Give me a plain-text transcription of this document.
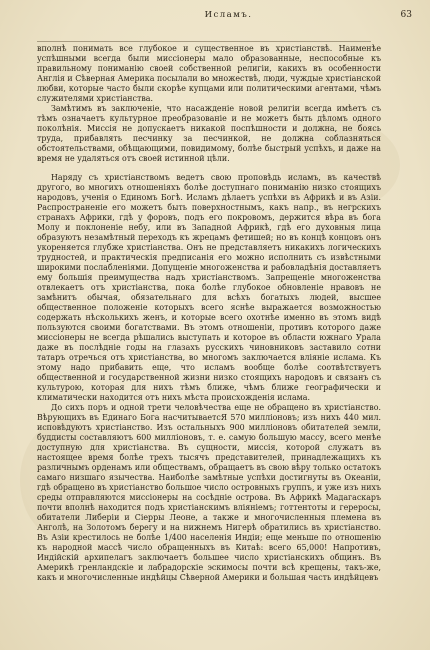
Исламъ.	63

вполнѣ понимать все глубокое и существенное въ христіанствѣ. Наименѣе успѣшными всегда были миссіонеры мало образованные, неспособные къ правильному пониманію своей собственной религіи, какихъ въ особенности Англія и Сѣверная Америка посылали во множествѣ, люди, чуждые христіанской любви, которые часто были скорѣе купцами или политическими агентами, чѣмъ служителями христіанства.

Замѣтимъ въ заключеніе, что насажденіе новой религіи всегда имѣетъ съ тѣмъ означаетъ культурное преобразованіе и не можетъ быть дѣломъ одного поколѣнія. Миссія не допускаетъ никакой поспѣшности и должна, не боясь труда, прибавлять песчинку за песчинкой, не должна соблазняться обстоятельствами, обѣщающими, повидимому, болѣе быстрый успѣхъ, и даже на время не удаляться отъ своей истинной цѣли.

Наряду съ христіанствомъ ведетъ свою проповѣдь исламъ, въ качествѣ другого, во многихъ отношеніяхъ болѣе доступнаго пониманію низко стоящихъ народовъ, ученія о Единомъ Богѣ. Исламъ дѣлаетъ успѣхи въ Африкѣ и въ Азіи. Распространеніе его можетъ быть поверхностнымъ, какъ напр., въ негрскихъ странахъ Африки, гдѣ у форовъ, подъ его покровомъ, держится вѣра въ бога Молу и поклоненіе небу, или въ Западной Африкѣ, гдѣ его духовныя лица образуютъ незамѣтный переходъ къ жрецамъ фетишей; но въ концѣ концовъ онъ укореняется глубже христіанства. Онъ не представляетъ никакихъ логическихъ трудностей, и практическія предписанія его можно исполнить съ извѣстными широкими послабленіями. Допущеніе многоженства и рабовладѣнія доставляетъ ему большія преимущества надъ христіанствомъ. Запрещеніе многоженства отвлекаетъ отъ христіанства, пока болѣе глубокое обновленіе нравовъ не замѣнитъ обычая, обязательнаго для всѣхъ богатыхъ людей, высшее общественное положеніе которыхъ всего яснѣе выражается возможностью содержать нѣсколькихъ женъ, и которые всего охотнѣе именно въ этомъ видѣ пользуются своими богатствами. Въ этомъ отношеніи, противъ которого даже миссіонеры не всегда рѣшались выступать и которое въ области южнаго Урала даже въ послѣдніе годы на глазахъ русскихъ чиновниковъ заставило сотни татаръ отречься отъ христіанства, во многомъ заключается вліяніе ислама. Къ этому надо прибавить еще, что исламъ вообще болѣе соотвѣтствуетъ общественной и государственной жизни низко стоящихъ народовъ и связанъ съ культурою, которая для нихъ тѣмъ ближе, чѣмъ ближе географически и климатически находится отъ нихъ мѣста происхожденія ислама.

До сихъ поръ и одной трети человѣчества еще не обращено въ христіанство. Вѣрующихъ въ Единаго Бога насчитываетсЯ 570 милліоновъ; изъ нихъ 440 мил. исповѣдуютъ христіанство. Изъ остальныхъ 900 милліоновъ обитателей земли, буддисты составляютъ 600 милліоновъ, т. е. самую большую массу, всего менѣе доступную для христіанства. Въ сущности, миссія, которой служатъ въ настоящее время болѣе трехъ тысячъ представителей, принадлежащихъ къ различнымъ орденамъ или обществамъ, обращаетъ въ свою вѣру только остатокъ самаго низшаго язычества. Наиболѣе замѣтные успѣхи достигнуты въ Океаніи, гдѣ обращено въ христіанство большое число островныхъ группъ, и уже изъ нихъ среды отправляются миссіонеры на сосѣдніе острова. Въ Африкѣ Мадагаскаръ почти вполнѣ находится подъ христіанскимъ вліяніемъ; готтентоты и гереросы, обитатели Либеріи и Сіерры Леоне, а также и многочисленныя племена въ Анголѣ, на Золотомъ берегу и на нижнемъ Нигерѣ обратились въ христіанство. Въ Азіи крестилось не болѣе 1/400 населенія Индіи; еще меньше по отношенію къ народной массѣ число обращенныхъ въ Китаѣ: всего 65,000! Напротивъ, Индійскій архипелагъ заключаетъ большее число христіанскихъ общинъ. Въ Америкѣ гренландскіе и лабрадорскіе эскимосы почти всѣ крещены, такъ-же, какъ и многочисленные индѣйцы Сѣверной Америки и большая часть индѣйцевъ
